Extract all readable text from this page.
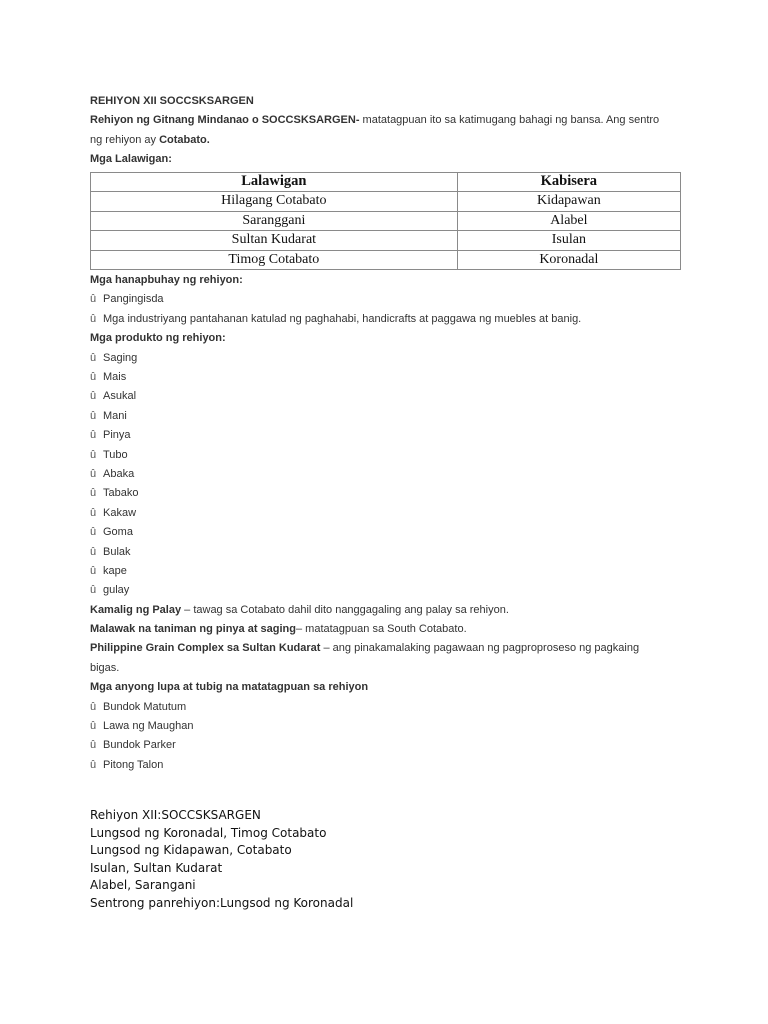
REHIYON XII SOCCSKSARGEN
Rehiyon ng Gitnang Mindanao o SOCCSKSARGEN- matatagpuan ito sa katimugang bahagi ng bansa. Ang sentro
ng rehiyon ay Cotabato.
Mga Lalawigan:
Lalawigan	Kabisera
Hilagang Cotabato	Kidapawan
Saranggani	Alabel
Sultan Kudarat	Isulan
Timog Cotabato	Koronadal
Mga hanapbuhay ng rehiyon:
û Pangingisda
û Mga industriyang pantahanan katulad ng paghahabi, handicrafts at paggawa ng muebles at banig.
Mga produkto ng rehiyon:
û Saging
û Mais
û Asukal
û Mani
û Pinya
û Tubo
û Abaka
û Tabako
û Kakaw
û Goma
û Bulak
û kape
û gulay
Kamalig ng Palay – tawag sa Cotabato dahil dito nanggagaling ang palay sa rehiyon.
Malawak na taniman ng pinya at saging– matatagpuan sa South Cotabato.
Philippine Grain Complex sa Sultan Kudarat – ang pinakamalaking pagawaan ng pagproproseso ng pagkaing
bigas.
Mga anyong lupa at tubig na matatagpuan sa rehiyon
û Bundok Matutum
û Lawa ng Maughan
û Bundok Parker
û Pitong Talon
Rehiyon XII:SOCCSKSARGEN
Lungsod ng Koronadal, Timog Cotabato
Lungsod ng Kidapawan, Cotabato
Isulan, Sultan Kudarat
Alabel, Sarangani
Sentrong panrehiyon:Lungsod ng Koronadal
